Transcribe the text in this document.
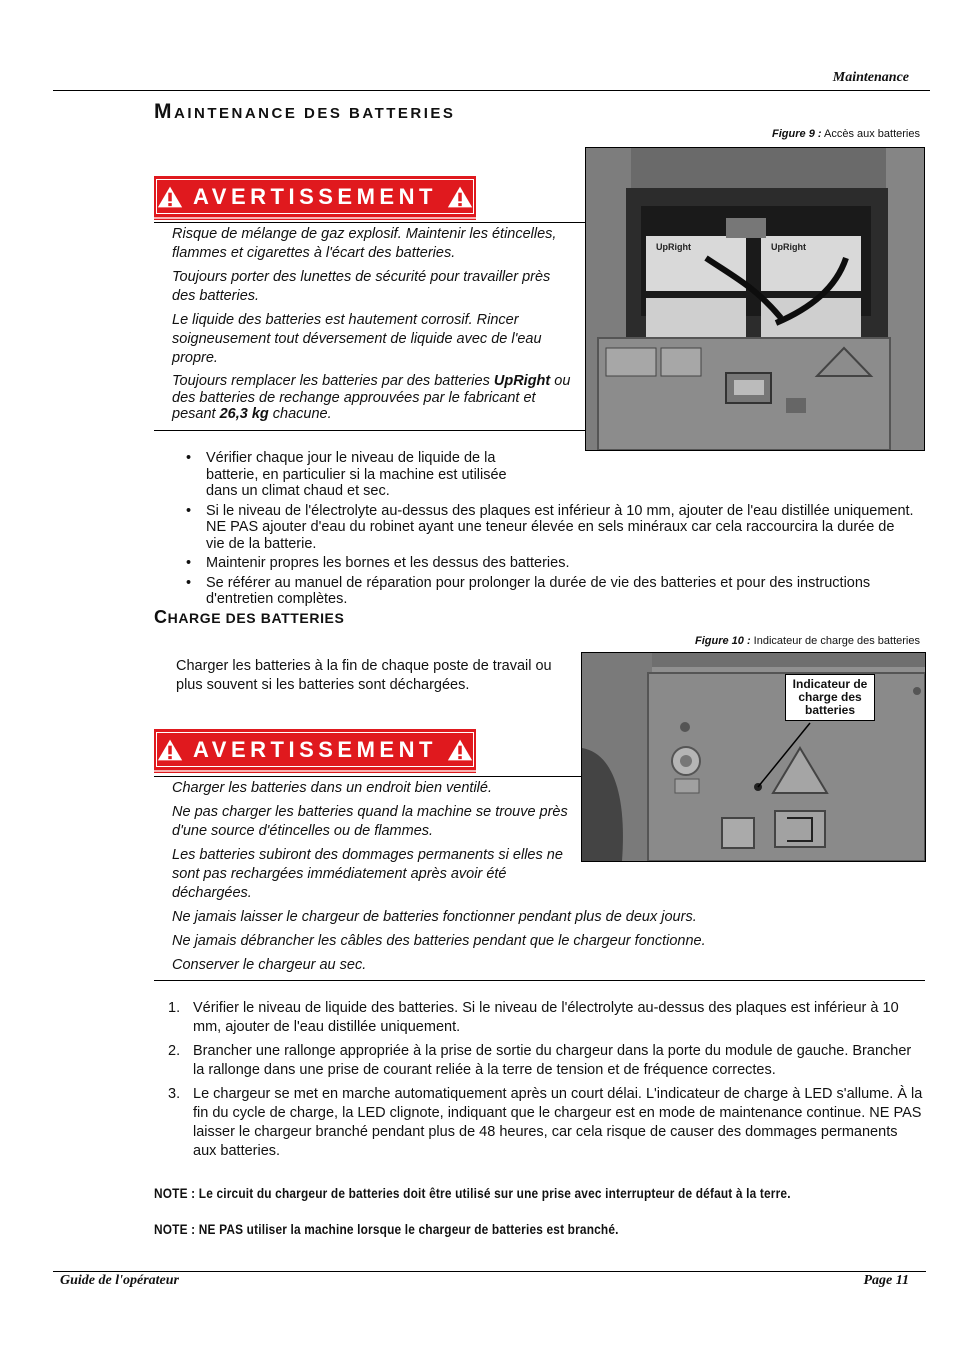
Maintenance
MAINTENANCE DES BATTERIES
Figure 9 : Accès aux batteries
UpRight	UpRight
AVERTISSEMENT

Risque de mélange de gaz explosif. Maintenir les étincelles, flammes et cigarettes à l'écart des batteries.

Toujours porter des lunettes de sécurité pour travailler près des batteries.

Le liquide des batteries est hautement corrosif. Rincer soigneusement tout déversement de liquide avec de l'eau propre.

Toujours remplacer les batteries par des batteries UpRight ou des batteries de rechange approuvées par le fabricant et pesant 26,3 kg chacune.

• Vérifier chaque jour le niveau de liquide de la batterie, en particulier si la machine est utilisée dans un climat chaud et sec.
• Si le niveau de l'électrolyte au-dessus des plaques est inférieur à 10 mm, ajouter de l'eau distillée uniquement. NE PAS ajouter d'eau du robinet ayant une teneur élevée en sels minéraux car cela raccourcira la durée de vie de la batterie.
• Maintenir propres les bornes et les dessus des batteries.
• Se référer au manuel de réparation pour prolonger la durée de vie des batteries et pour des instructions d'entretien complètes.
CHARGE DES BATTERIES
Figure 10 : Indicateur de charge des batteries
Indicateur de charge des batteries
Charger les batteries à la fin de chaque poste de travail ou plus souvent si les batteries sont déchargées.
AVERTISSEMENT

Charger les batteries dans un endroit bien ventilé.

Ne pas charger les batteries quand la machine se trouve près d'une source d'étincelles ou de flammes.

Les batteries subiront des dommages permanents si elles ne sont pas rechargées immédiatement après avoir été déchargées.

Ne jamais laisser le chargeur de batteries fonctionner pendant plus de deux jours.

Ne jamais débrancher les câbles des batteries pendant que le chargeur fonctionne.

Conserver le chargeur au sec.

1. Vérifier le niveau de liquide des batteries. Si le niveau de l'électrolyte au-dessus des plaques est inférieur à 10 mm, ajouter de l'eau distillée uniquement.
2. Brancher une rallonge appropriée à la prise de sortie du chargeur dans la porte du module de gauche. Brancher la rallonge dans une prise de courant reliée à la terre de tension et de fréquence correctes.
3. Le chargeur se met en marche automatiquement après un court délai. L'indicateur de charge à LED s'allume. À la fin du cycle de charge, la LED clignote, indiquant que le chargeur est en mode de maintenance continue. NE PAS laisser le chargeur branché pendant plus de 48 heures, car cela risque de causer des dommages permanents aux batteries.
NOTE : Le circuit du chargeur de batteries doit être utilisé sur une prise avec interrupteur de défaut à la terre.
NOTE : NE PAS utiliser la machine lorsque le chargeur de batteries est branché.
Guide de l'opérateur	Page 11
